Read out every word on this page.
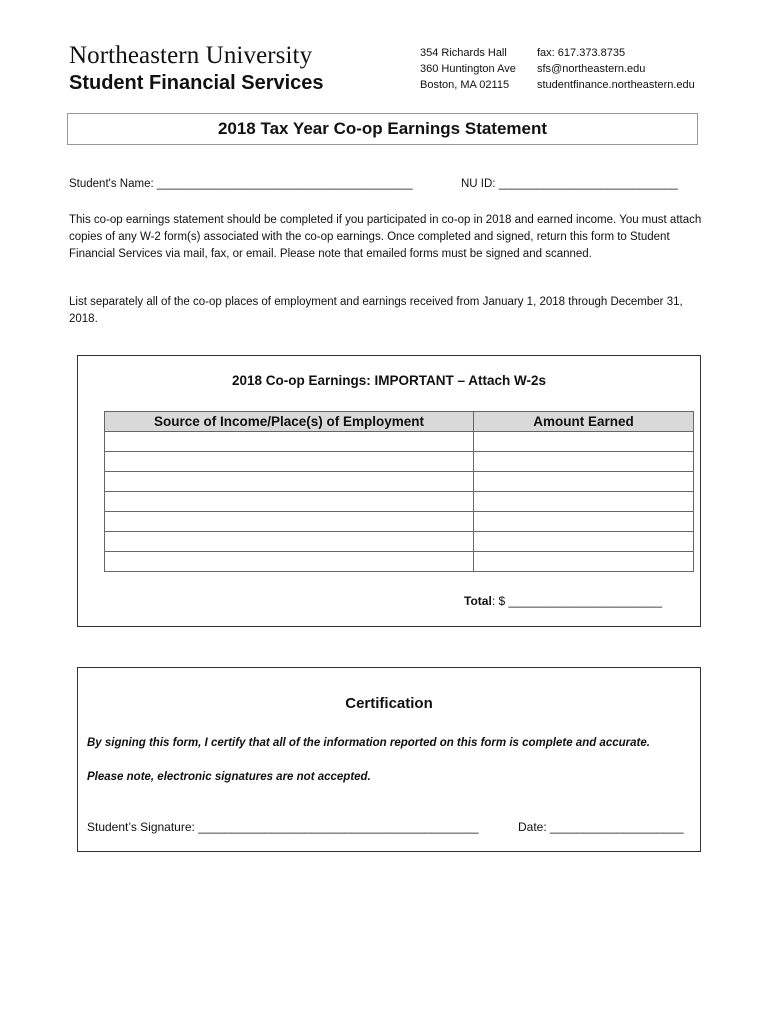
Northeastern University
Student Financial Services
354 Richards Hall
360 Huntington Ave
Boston, MA 02115
fax: 617.373.8735
sfs@northeastern.edu
studentfinance.northeastern.edu
2018 Tax Year Co-op Earnings Statement
Student's Name: ________________________________________	NU ID: ____________________________
This co-op earnings statement should be completed if you participated in co-op in 2018 and earned income. You must attach copies of any W-2 form(s) associated with the co-op earnings. Once completed and signed, return this form to Student Financial Services via mail, fax, or email. Please note that emailed forms must be signed and scanned.
List separately all of the co-op places of employment and earnings received from January 1, 2018 through December 31, 2018.
2018 Co-op Earnings: IMPORTANT – Attach W-2s
Source of Income/Place(s) of Employment	Amount Earned

Total: $ _______________________
Certification
By signing this form, I certify that all of the information reported on this form is complete and accurate.
Please note, electronic signatures are not accepted.
Student’s Signature: __________________________________________	Date: ____________________
